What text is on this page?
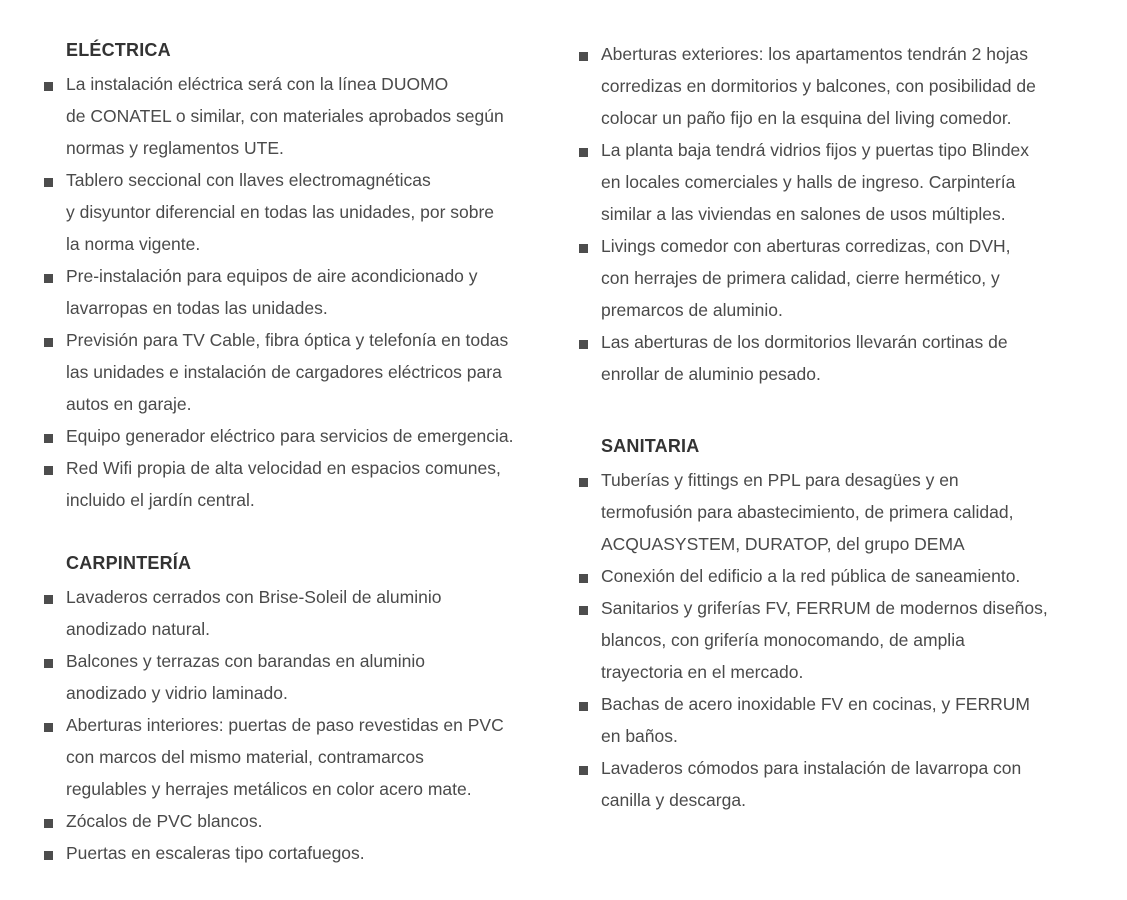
ELÉCTRICA
La instalación eléctrica será con la línea DUOMO
de CONATEL o similar, con materiales aprobados según
normas y reglamentos UTE.
Tablero seccional con llaves electromagnéticas
y disyuntor diferencial en todas las unidades, por sobre
la norma vigente.
Pre-instalación para equipos de aire acondicionado y
lavarropas en todas las unidades.
Previsión para TV Cable, fibra óptica y telefonía en todas
las unidades e instalación de cargadores eléctricos para
autos en garaje.
Equipo generador eléctrico para servicios de emergencia.
Red Wifi propia de alta velocidad en espacios comunes,
incluido el jardín central.
CARPINTERÍA
Lavaderos cerrados con Brise-Soleil de aluminio
anodizado natural.
Balcones y terrazas con barandas en aluminio
anodizado y vidrio laminado.
Aberturas interiores: puertas de paso revestidas en PVC
con marcos del mismo material, contramarcos
regulables y herrajes metálicos en color acero mate.
Zócalos de PVC blancos.
Puertas en escaleras tipo cortafuegos.
Aberturas exteriores: los apartamentos tendrán 2 hojas
corredizas en dormitorios y balcones, con posibilidad de
colocar un paño fijo en la esquina del living comedor.
La planta baja tendrá vidrios fijos y puertas tipo Blindex
en locales comerciales y halls de ingreso. Carpintería
similar a las viviendas en salones de usos múltiples.
Livings comedor con aberturas corredizas, con DVH,
con herrajes de primera calidad, cierre hermético, y
premarcos de aluminio.
Las aberturas de los dormitorios llevarán cortinas de
enrollar de aluminio pesado.
SANITARIA
Tuberías y fittings en PPL para desagües y en
termofusión para abastecimiento, de primera calidad,
ACQUASYSTEM, DURATOP, del grupo DEMA
Conexión del edificio a la red pública de saneamiento.
Sanitarios y griferías FV, FERRUM de modernos diseños,
blancos, con grifería monocomando, de amplia
trayectoria en el mercado.
Bachas de acero inoxidable FV en cocinas, y FERRUM
en baños.
Lavaderos cómodos para instalación de lavarropa con
canilla y descarga.
